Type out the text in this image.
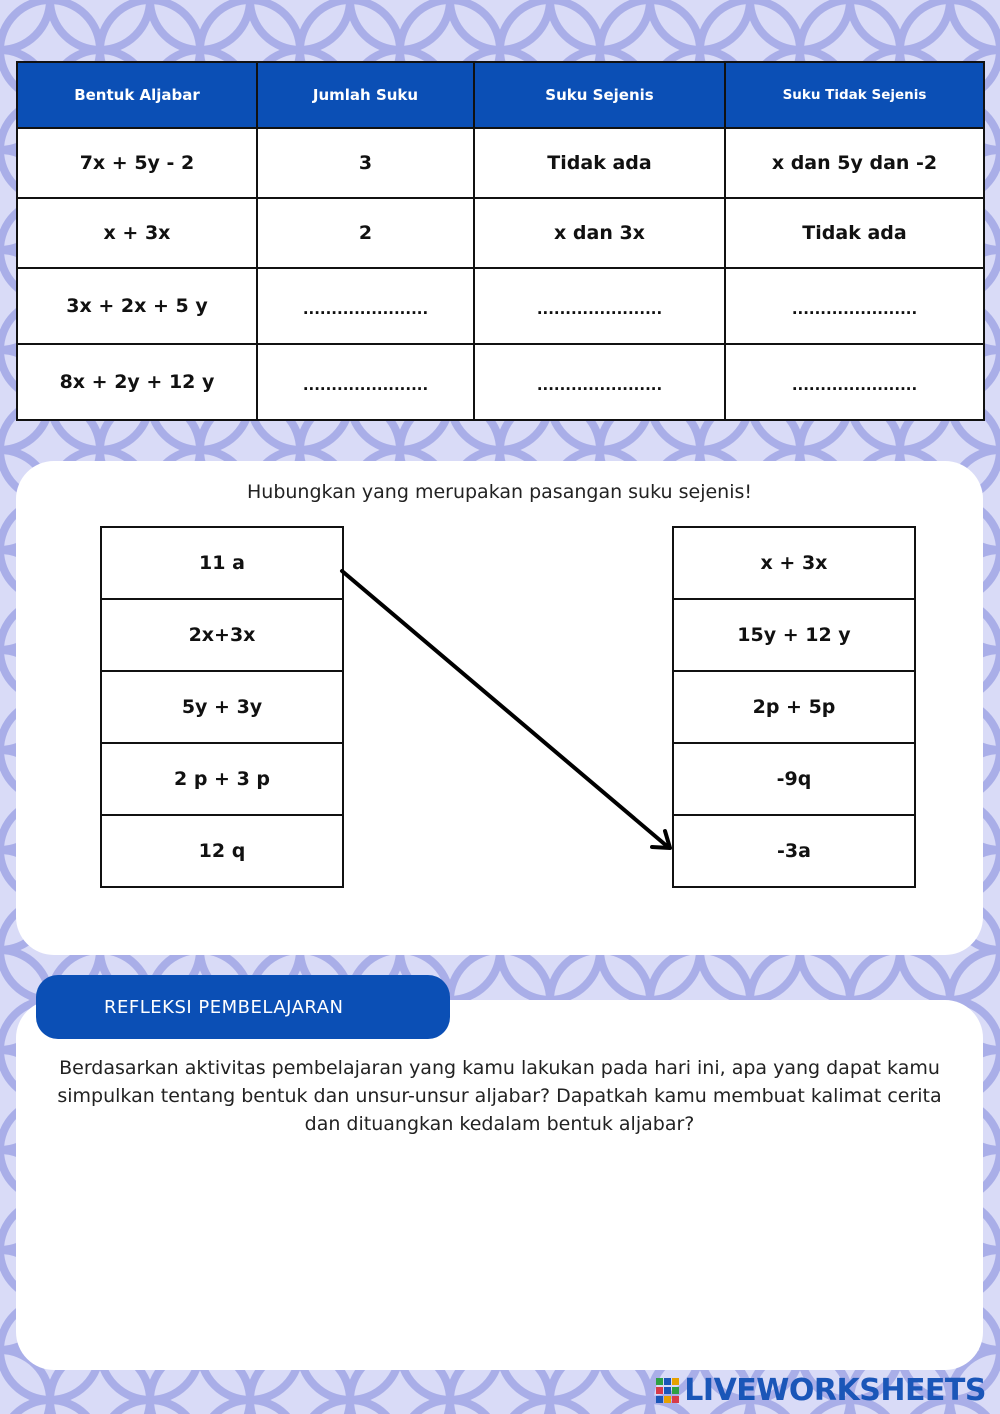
Bentuk Aljabar	Jumlah Suku	Suku Sejenis	Suku Tidak Sejenis
7x + 5y - 2	3	Tidak ada	x dan 5y dan -2
x + 3x	2	x dan 3x	Tidak ada
3x + 2x + 5 y	......................	......................	......................
8x + 2y + 12 y	......................	......................	......................
Hubungkan yang merupakan pasangan suku sejenis!
11 a
2x+3x
5y + 3y
2 p + 3 p
12 q
x + 3x
15y + 12 y
2p + 5p
-9q
-3a
REFLEKSI PEMBELAJARAN
Berdasarkan aktivitas pembelajaran yang kamu lakukan pada hari ini, apa yang dapat kamu simpulkan tentang bentuk dan unsur-unsur aljabar? Dapatkah kamu membuat kalimat cerita dan dituangkan kedalam bentuk aljabar?
LIVEWORKSHEETS
